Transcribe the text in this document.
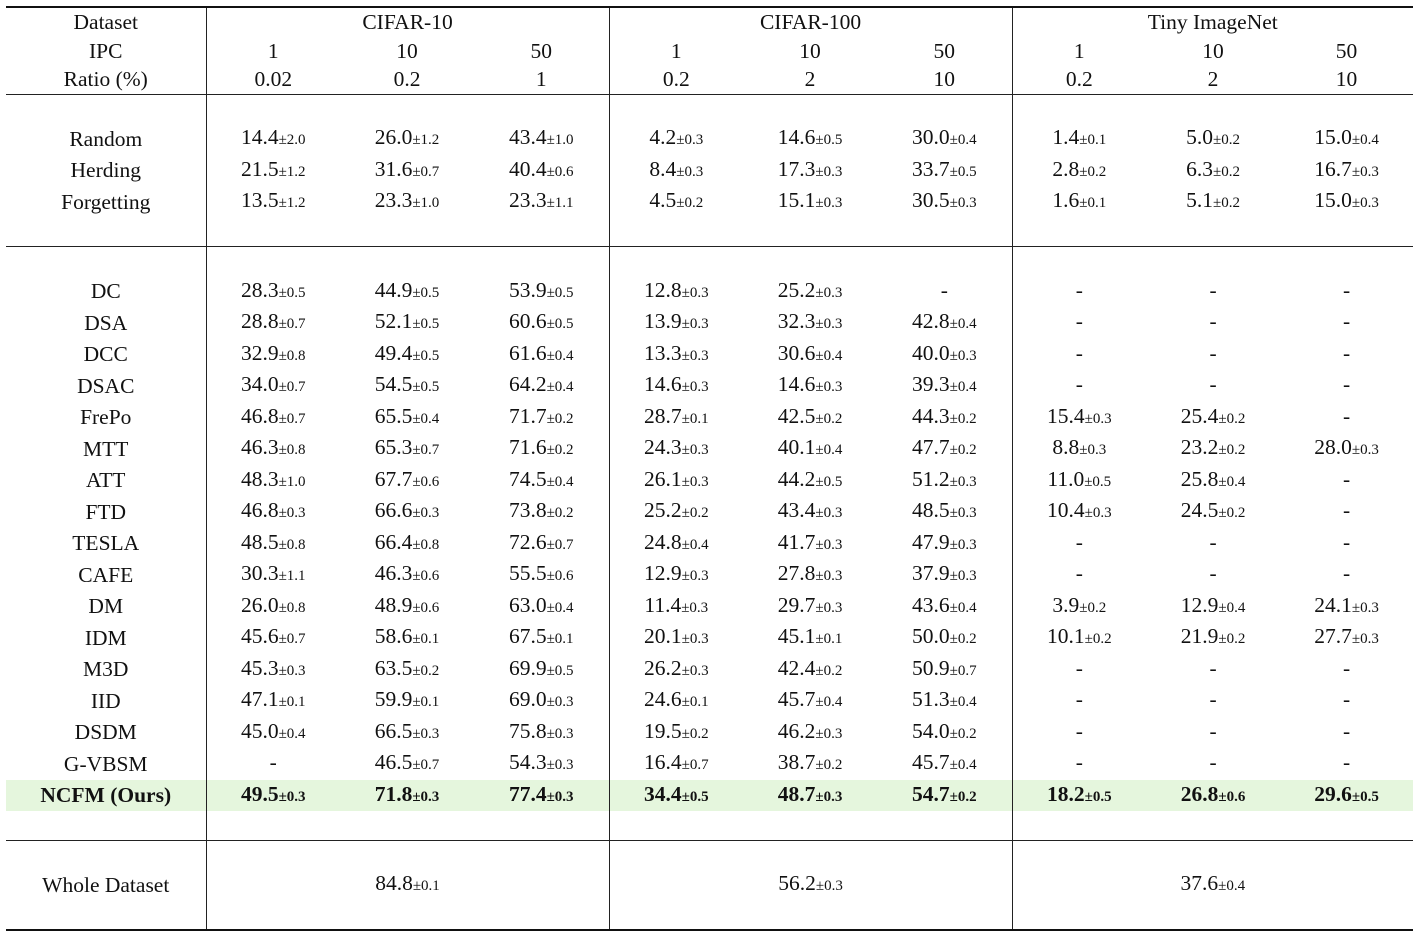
Dataset	CIFAR-10			CIFAR-100			Tiny ImageNet		
IPC	1	10	50	1	10	50	1	10	50
Ratio (%)	0.02	0.2	1	0.2	2	10	0.2	2	10

Random	14.4±2.0	26.0±1.2	43.4±1.0	4.2±0.3	14.6±0.5	30.0±0.4	1.4±0.1	5.0±0.2	15.0±0.4
Herding	21.5±1.2	31.6±0.7	40.4±0.6	8.4±0.3	17.3±0.3	33.7±0.5	2.8±0.2	6.3±0.2	16.7±0.3
Forgetting	13.5±1.2	23.3±1.0	23.3±1.1	4.5±0.2	15.1±0.3	30.5±0.3	1.6±0.1	5.1±0.2	15.0±0.3

DC	28.3±0.5	44.9±0.5	53.9±0.5	12.8±0.3	25.2±0.3	-	-	-	-
DSA	28.8±0.7	52.1±0.5	60.6±0.5	13.9±0.3	32.3±0.3	42.8±0.4	-	-	-
DCC	32.9±0.8	49.4±0.5	61.6±0.4	13.3±0.3	30.6±0.4	40.0±0.3	-	-	-
DSAC	34.0±0.7	54.5±0.5	64.2±0.4	14.6±0.3	14.6±0.3	39.3±0.4	-	-	-
FrePo	46.8±0.7	65.5±0.4	71.7±0.2	28.7±0.1	42.5±0.2	44.3±0.2	15.4±0.3	25.4±0.2	-
MTT	46.3±0.8	65.3±0.7	71.6±0.2	24.3±0.3	40.1±0.4	47.7±0.2	8.8±0.3	23.2±0.2	28.0±0.3
ATT	48.3±1.0	67.7±0.6	74.5±0.4	26.1±0.3	44.2±0.5	51.2±0.3	11.0±0.5	25.8±0.4	-
FTD	46.8±0.3	66.6±0.3	73.8±0.2	25.2±0.2	43.4±0.3	48.5±0.3	10.4±0.3	24.5±0.2	-
TESLA	48.5±0.8	66.4±0.8	72.6±0.7	24.8±0.4	41.7±0.3	47.9±0.3	-	-	-
CAFE	30.3±1.1	46.3±0.6	55.5±0.6	12.9±0.3	27.8±0.3	37.9±0.3	-	-	-
DM	26.0±0.8	48.9±0.6	63.0±0.4	11.4±0.3	29.7±0.3	43.6±0.4	3.9±0.2	12.9±0.4	24.1±0.3
IDM	45.6±0.7	58.6±0.1	67.5±0.1	20.1±0.3	45.1±0.1	50.0±0.2	10.1±0.2	21.9±0.2	27.7±0.3
M3D	45.3±0.3	63.5±0.2	69.9±0.5	26.2±0.3	42.4±0.2	50.9±0.7	-	-	-
IID	47.1±0.1	59.9±0.1	69.0±0.3	24.6±0.1	45.7±0.4	51.3±0.4	-	-	-
DSDM	45.0±0.4	66.5±0.3	75.8±0.3	19.5±0.2	46.2±0.3	54.0±0.2	-	-	-
G-VBSM	-	46.5±0.7	54.3±0.3	16.4±0.7	38.7±0.2	45.7±0.4	-	-	-
NCFM (Ours)	49.5±0.3	71.8±0.3	77.4±0.3	34.4±0.5	48.7±0.3	54.7±0.2	18.2±0.5	26.8±0.6	29.6±0.5

Whole Dataset	84.8±0.1			56.2±0.3			37.6±0.4		
